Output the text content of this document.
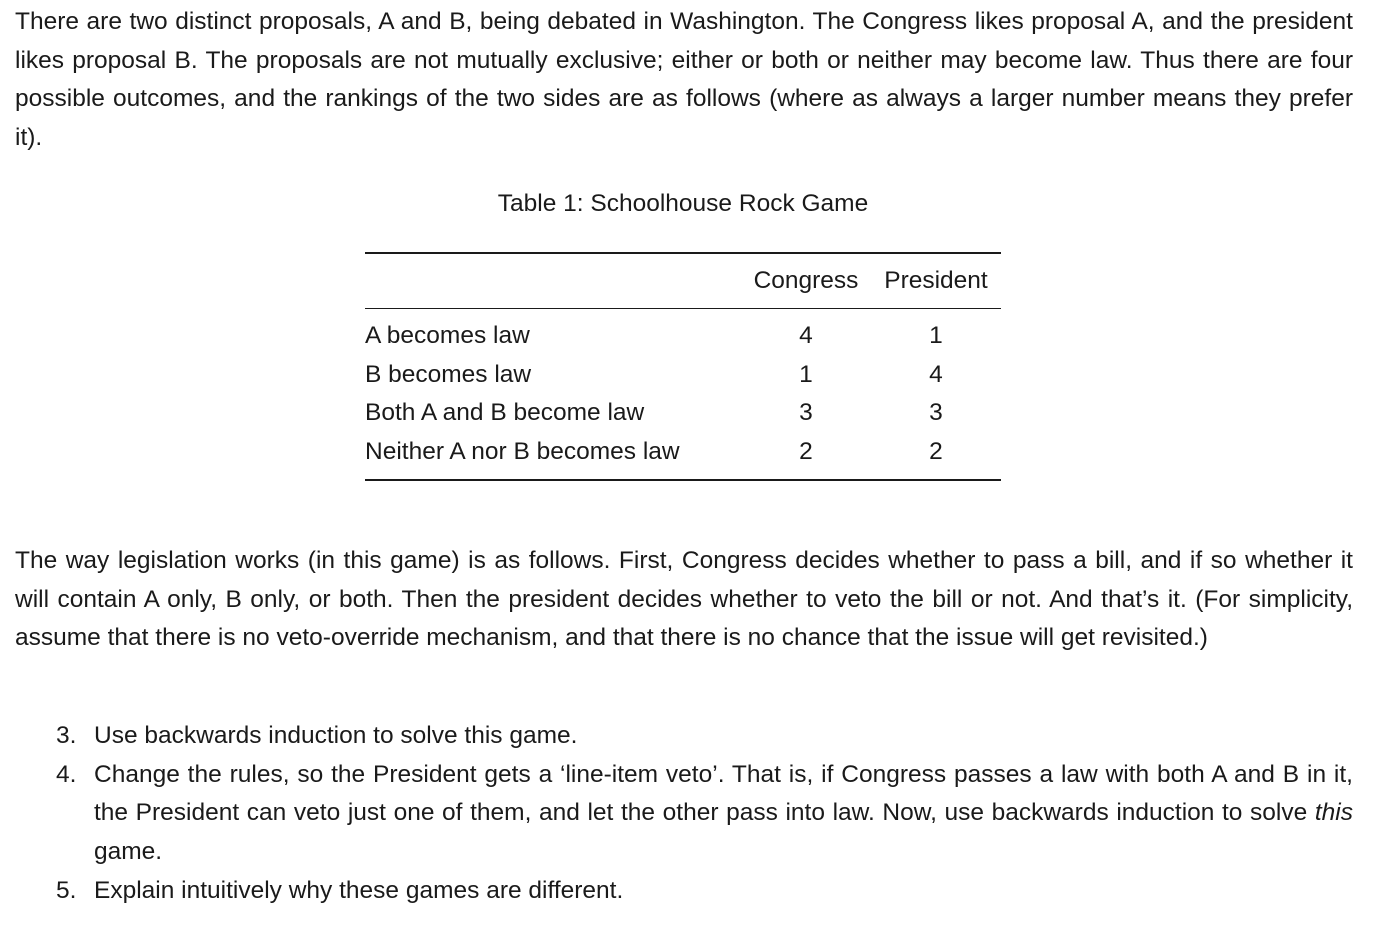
There are two distinct proposals, A and B, being debated in Washington. The Congress likes proposal A, and the president likes proposal B. The proposals are not mutually exclusive; either or both or neither may become law. Thus there are four possible outcomes, and the rankings of the two sides are as follows (where as always a larger number means they prefer it).

Table 1: Schoolhouse Rock Game
	Congress	President
A becomes law	4	1
B becomes law	1	4
Both A and B become law	3	3
Neither A nor B becomes law	2	2

The way legislation works (in this game) is as follows. First, Congress decides whether to pass a bill, and if so whether it will contain A only, B only, or both. Then the president decides whether to veto the bill or not. And that’s it. (For simplicity, assume that there is no veto-override mechanism, and that there is no chance that the issue will get revisited.)

3. Use backwards induction to solve this game.
4. Change the rules, so the President gets a ‘line-item veto’. That is, if Congress passes a law with both A and B in it, the President can veto just one of them, and let the other pass into law. Now, use backwards induction to solve this game.
5. Explain intuitively why these games are different.
